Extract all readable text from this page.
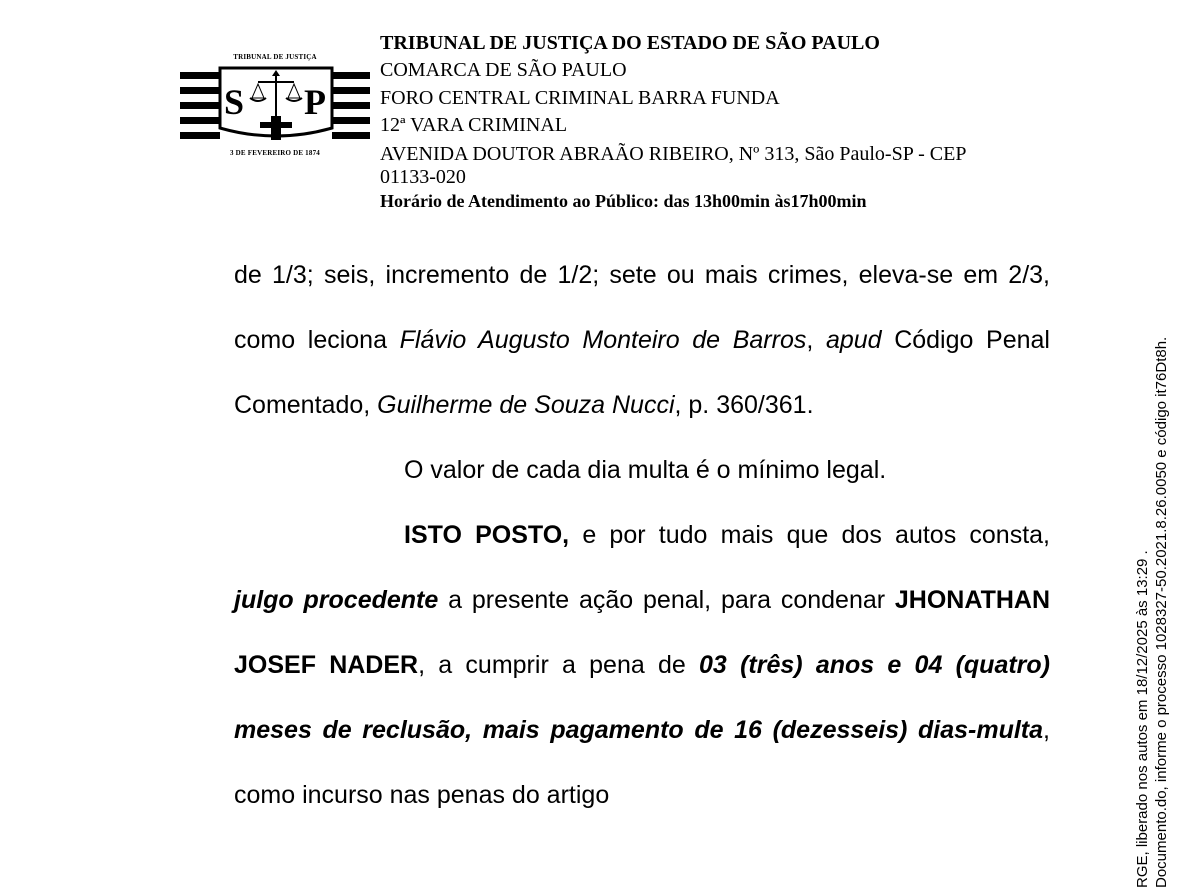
TRIBUNAL DE JUSTIÇA
S P
3 DE FEVEREIRO DE 1874
TRIBUNAL DE JUSTIÇA DO ESTADO DE SÃO PAULO
COMARCA DE SÃO PAULO
FORO CENTRAL CRIMINAL BARRA FUNDA
12ª VARA CRIMINAL
AVENIDA DOUTOR ABRAÃO RIBEIRO, Nº 313, São Paulo-SP - CEP
01133-020
Horário de Atendimento ao Público: das 13h00min às17h00min

de 1/3; seis, incremento de 1/2; sete ou mais crimes, eleva-se em 2/3, como leciona Flávio Augusto Monteiro de Barros, apud Código Penal Comentado, Guilherme de Souza Nucci, p. 360/361.

O valor de cada dia multa é o mínimo legal.

ISTO POSTO, e por tudo mais que dos autos consta, julgo procedente a presente ação penal, para condenar JHONATHAN JOSEF NADER, a cumprir a pena de 03 (três) anos e 04 (quatro) meses de reclusão, mais pagamento de 16 (dezesseis) dias-multa, como incurso nas penas do artigo	RGE, liberado nos autos em 18/12/2025 às 13:29 . Documento.do, informe o processo 1028327-50.2021.8.26.0050 e código it76Dt8h.
